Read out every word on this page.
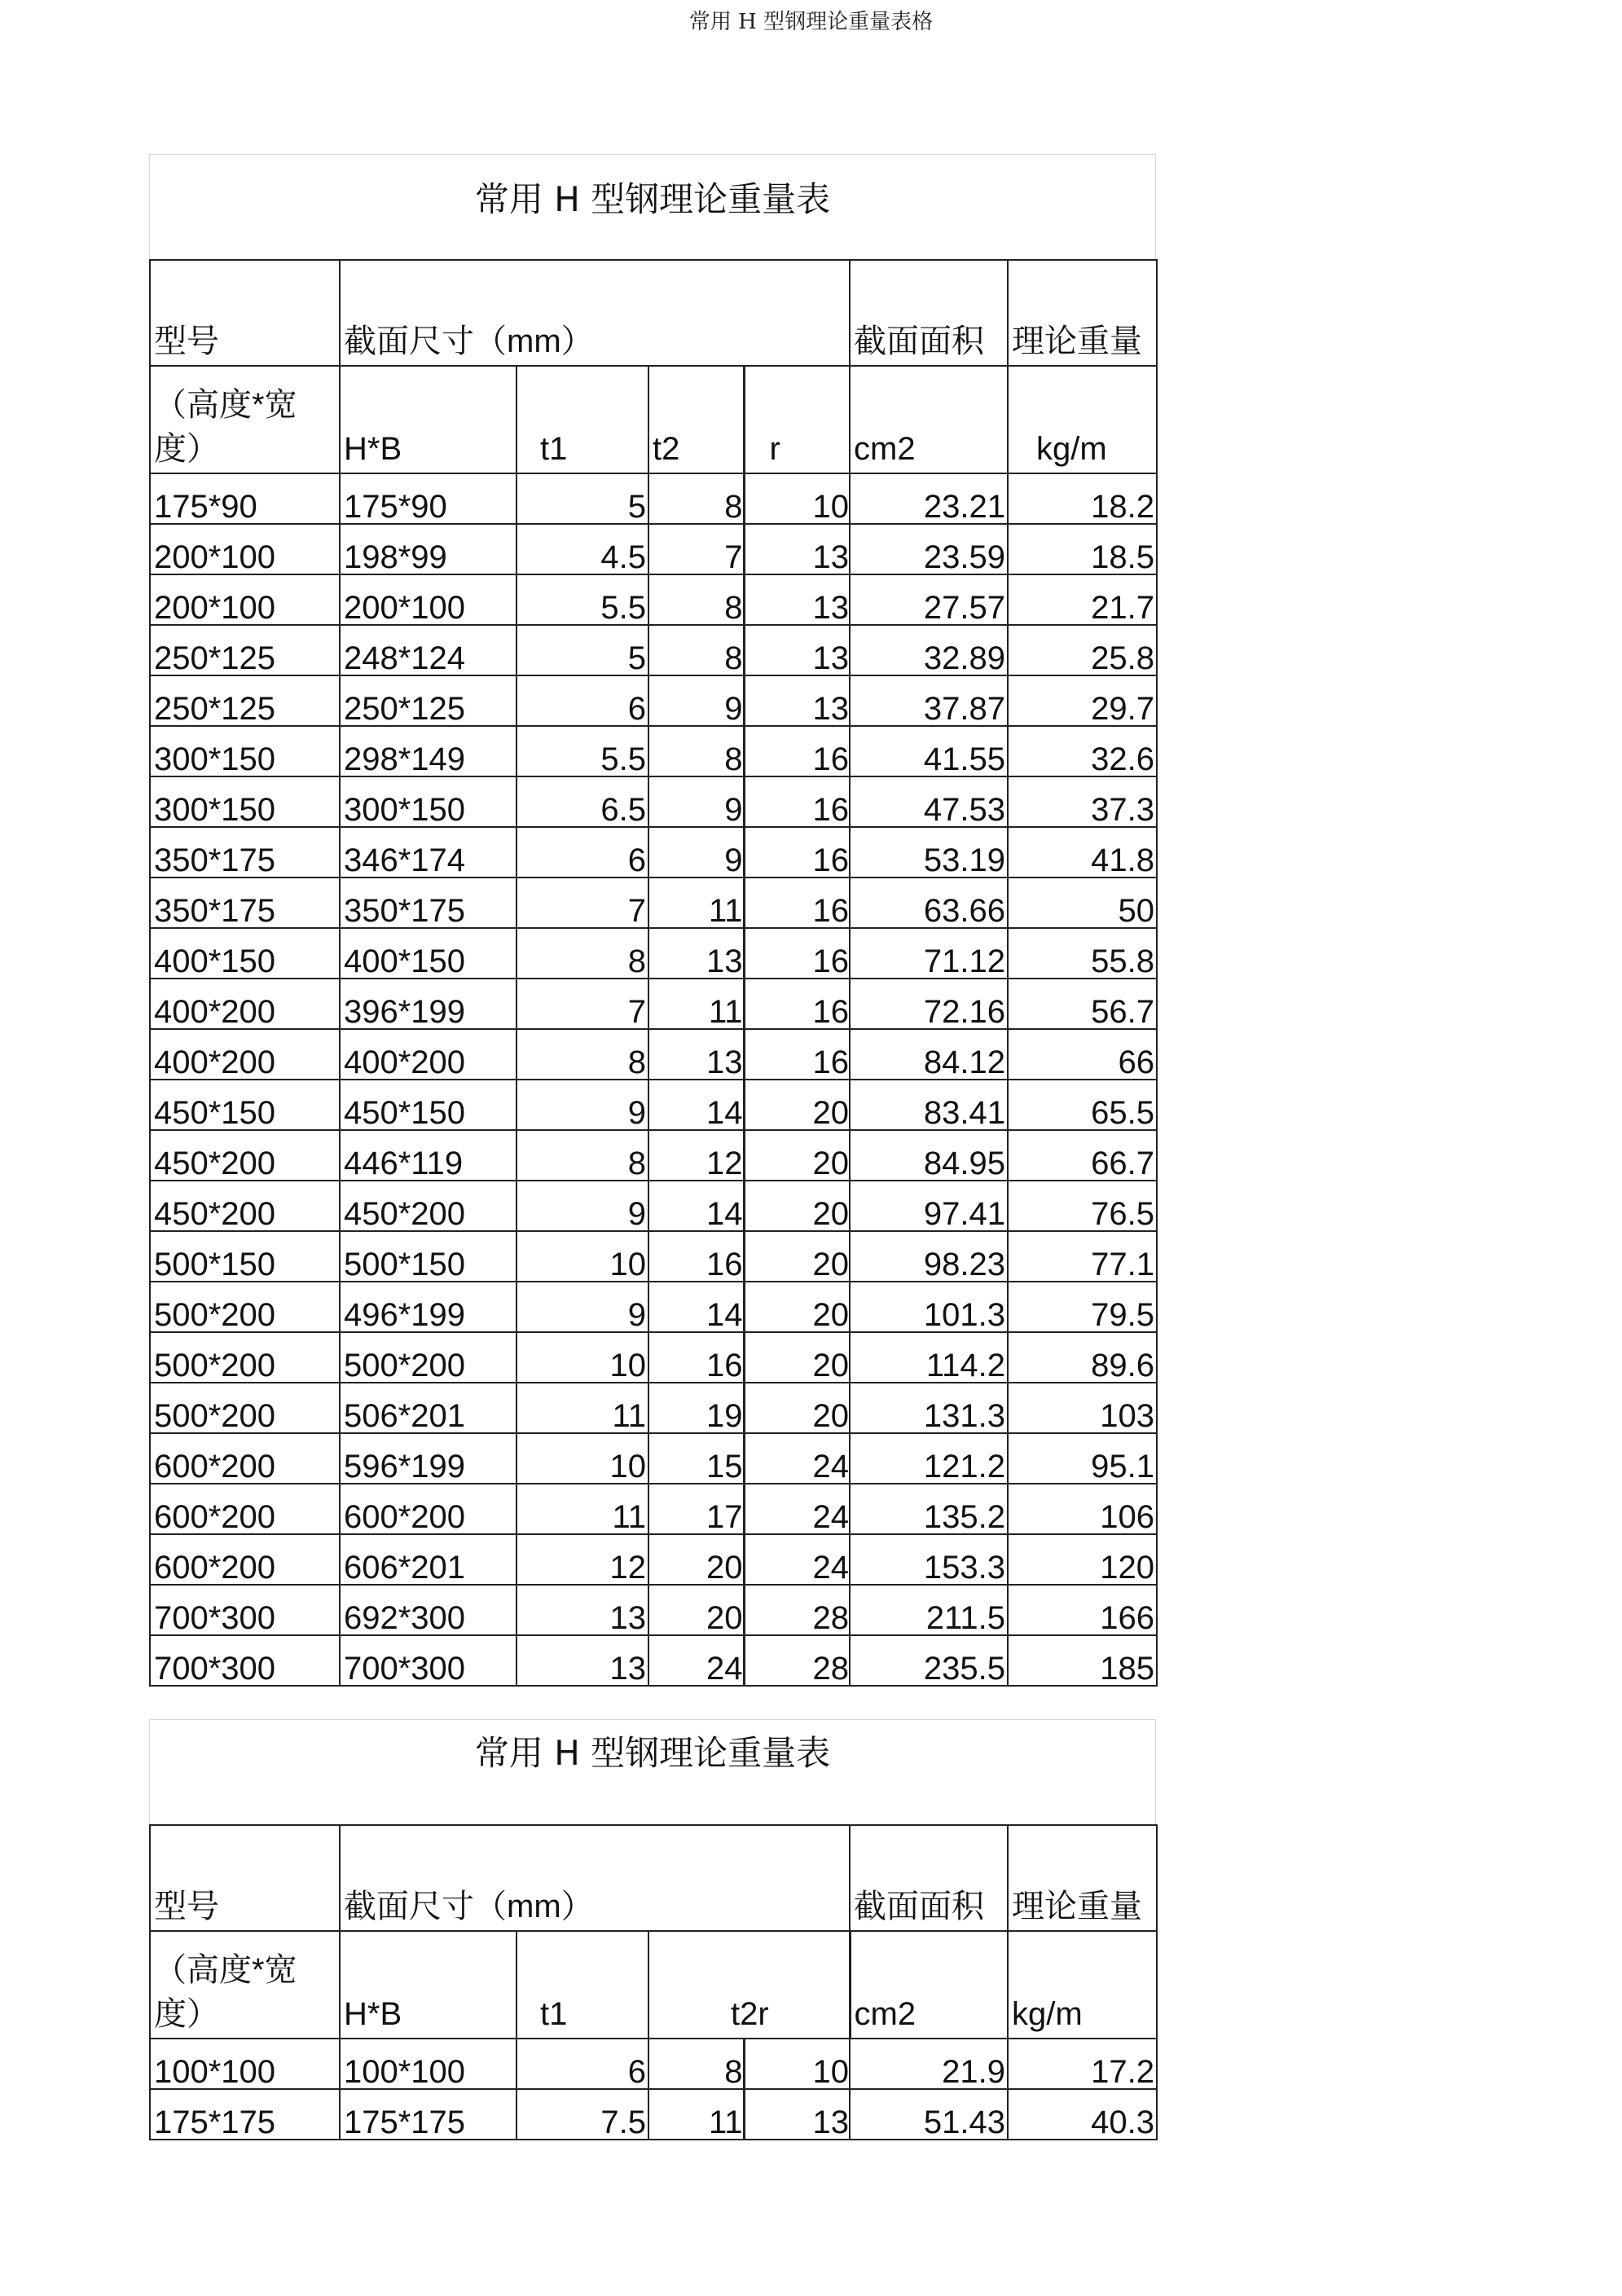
常用 H 型钢理论重量表格
常用 H 型钢理论重量表
型号	截面尺寸（mm）				截面面积	理论重量
（高度*宽度）	H*B	t1	t2	r	cm2	kg/m
175*90	175*90	5	8	10	23.21	18.2
200*100	198*99	4.5	7	13	23.59	18.5
200*100	200*100	5.5	8	13	27.57	21.7
250*125	248*124	5	8	13	32.89	25.8
250*125	250*125	6	9	13	37.87	29.7
300*150	298*149	5.5	8	16	41.55	32.6
300*150	300*150	6.5	9	16	47.53	37.3
350*175	346*174	6	9	16	53.19	41.8
350*175	350*175	7	11	16	63.66	50
400*150	400*150	8	13	16	71.12	55.8
400*200	396*199	7	11	16	72.16	56.7
400*200	400*200	8	13	16	84.12	66
450*150	450*150	9	14	20	83.41	65.5
450*200	446*119	8	12	20	84.95	66.7
450*200	450*200	9	14	20	97.41	76.5
500*150	500*150	10	16	20	98.23	77.1
500*200	496*199	9	14	20	101.3	79.5
500*200	500*200	10	16	20	114.2	89.6
500*200	506*201	11	19	20	131.3	103
600*200	596*199	10	15	24	121.2	95.1
600*200	600*200	11	17	24	135.2	106
600*200	606*201	12	20	24	153.3	120
700*300	692*300	13	20	28	211.5	166
700*300	700*300	13	24	28	235.5	185
常用 H 型钢理论重量表
型号	截面尺寸（mm）				截面面积	理论重量
（高度*宽度）	H*B	t1	t2r		cm2	kg/m
100*100	100*100	6	8	10	21.9	17.2
175*175	175*175	7.5	11	13	51.43	40.3
